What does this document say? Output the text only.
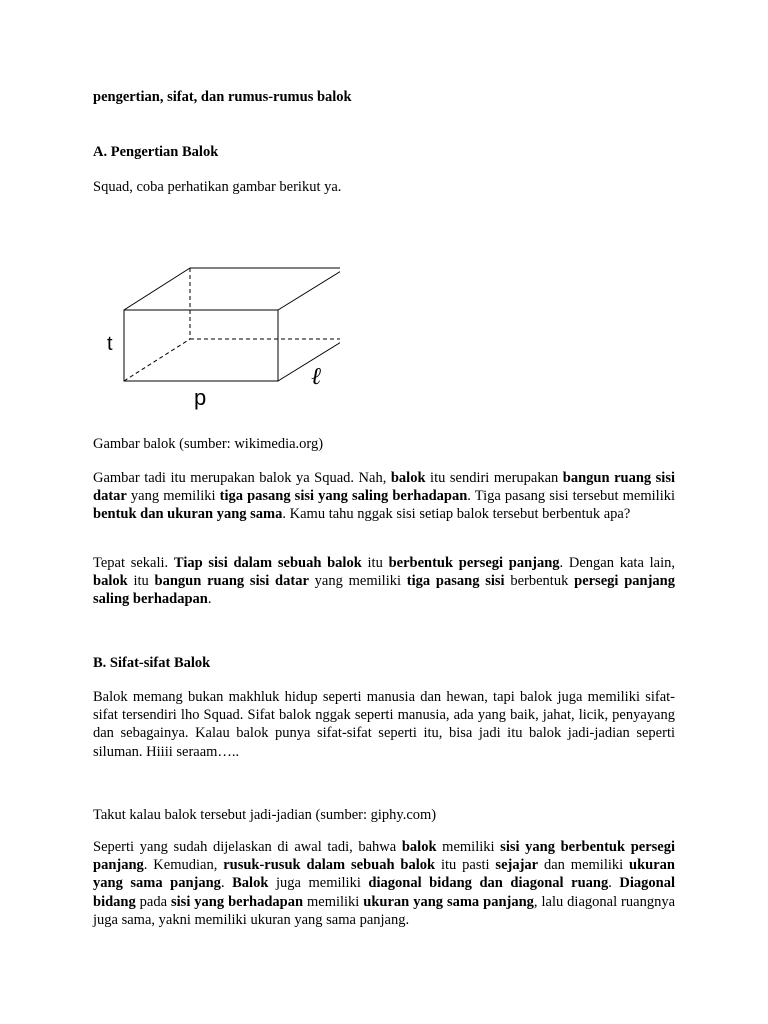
pengertian, sifat, dan rumus-rumus balok
A. Pengertian Balok
Squad, coba perhatikan gambar berikut ya.
t
p
ℓ
Gambar balok (sumber: wikimedia.org)
Gambar tadi itu merupakan balok ya Squad. Nah, balok itu sendiri merupakan bangun ruang sisi datar yang memiliki tiga pasang sisi yang saling berhadapan. Tiga pasang sisi tersebut memiliki bentuk dan ukuran yang sama. Kamu tahu nggak sisi setiap balok tersebut berbentuk apa?
Tepat sekali. Tiap sisi dalam sebuah balok itu berbentuk persegi panjang. Dengan kata lain, balok itu bangun ruang sisi datar yang memiliki tiga pasang sisi berbentuk persegi panjang saling berhadapan.
B. Sifat-sifat Balok
Balok memang bukan makhluk hidup seperti manusia dan hewan, tapi balok juga memiliki sifat-sifat tersendiri lho Squad. Sifat balok nggak seperti manusia, ada yang baik, jahat, licik, penyayang dan sebagainya. Kalau balok punya sifat-sifat seperti itu, bisa jadi itu balok jadi-jadian seperti siluman. Hiiii seraam…..
Takut kalau balok tersebut jadi-jadian (sumber: giphy.com)
Seperti yang sudah dijelaskan di awal tadi, bahwa balok memiliki sisi yang berbentuk persegi panjang. Kemudian, rusuk-rusuk dalam sebuah balok itu pasti sejajar dan memiliki ukuran yang sama panjang. Balok juga memiliki diagonal bidang dan diagonal ruang. Diagonal bidang pada sisi yang berhadapan memiliki ukuran yang sama panjang, lalu diagonal ruangnya juga sama, yakni memiliki ukuran yang sama panjang.
